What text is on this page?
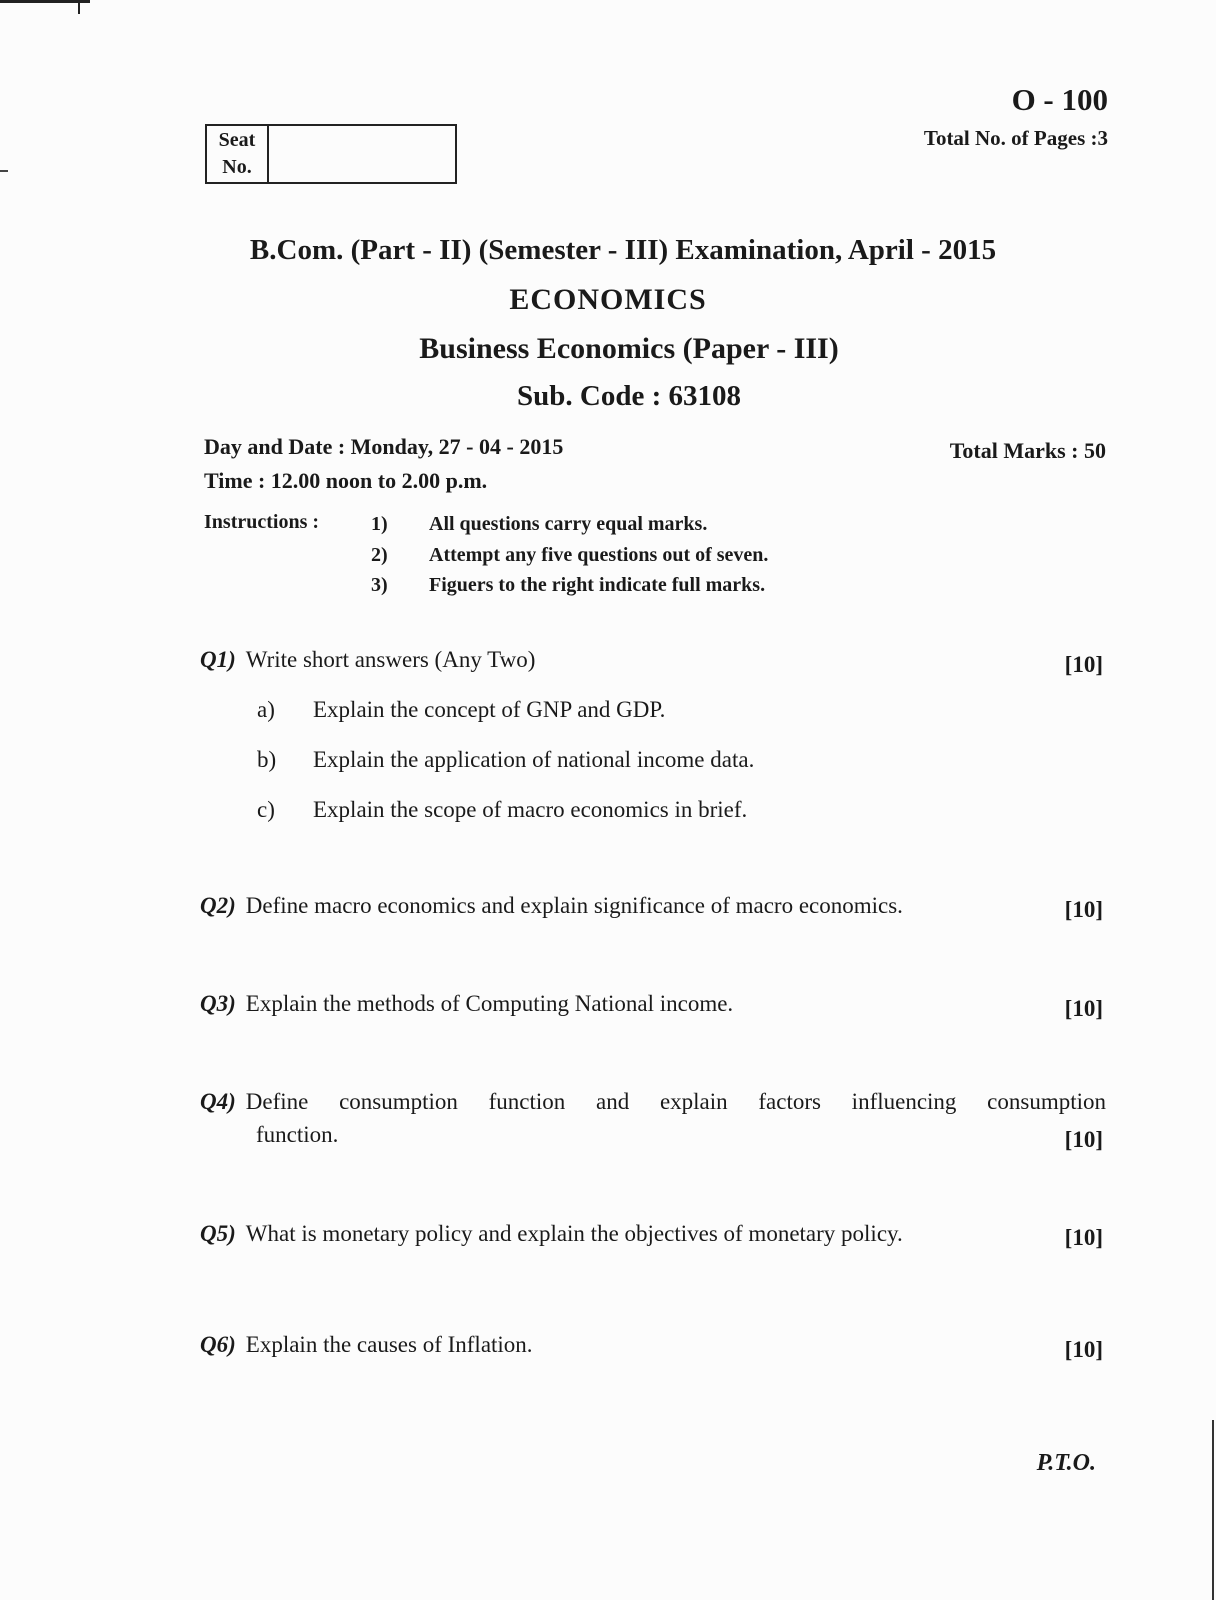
O - 100
Total No. of Pages :3
Seat
No.
B.Com. (Part - II) (Semester - III) Examination, April - 2015
ECONOMICS
Business Economics (Paper - III)
Sub. Code : 63108
Day and Date : Monday, 27 - 04 - 2015	Total Marks : 50
Time : 12.00 noon to 2.00 p.m.
Instructions :	1)	All questions carry equal marks.
2)	Attempt any five questions out of seven.
3)	Figuers to the right indicate full marks.
Q1) Write short answers (Any Two)	[10]
a)	Explain the concept of GNP and GDP.
b)	Explain the application of national income data.
c)	Explain the scope of macro economics in brief.
Q2) Define macro economics and explain significance of macro economics.	[10]
Q3) Explain the methods of Computing National income.	[10]
Q4) Define consumption function and explain factors influencing consumption
function.	[10]
Q5) What is monetary policy and explain the objectives of monetary policy.	[10]
Q6) Explain the causes of Inflation.	[10]
P.T.O.
